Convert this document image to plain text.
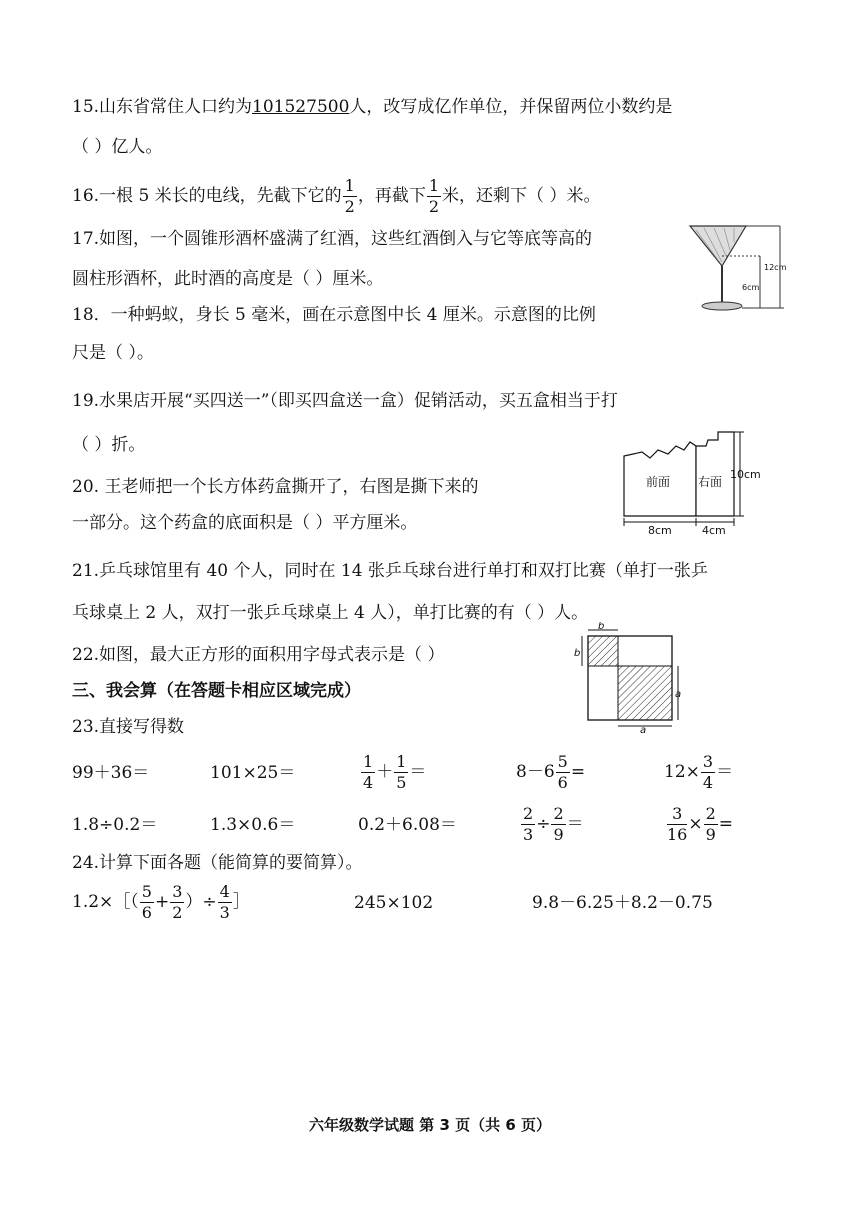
15.山东省常住人口约为101527500人，改写成亿作单位，并保留两位小数约是
（ ）亿人。
16.一根 5 米长的电线，先截下它的 $\frac{1}{2}$ ，再截下 $\frac{1}{2}$ 米，还剩下（ ）米。
17.如图，一个圆锥形酒杯盛满了红酒，这些红酒倒入与它等底等高的
圆柱形酒杯，此时酒的高度是（ ）厘米。
12cm
6cm
18．一种蚂蚁，身长 5 毫米，画在示意图中长 4 厘米。示意图的比例
尺是（ ）。
19.水果店开展“买四送一”（即买四盒送一盒）促销活动，买五盒相当于打
（ ）折。
20. 王老师把一个长方体药盒撕开了，右图是撕下来的
一部分。这个药盒的底面积是（ ）平方厘米。
前面 右面
10cm
8cm	4cm
21.乒乓球馆里有 40 个人，同时在 14 张乒乓球台进行单打和双打比赛（单打一张乒
乓球桌上 2 人，双打一张乒乓球桌上 4 人），单打比赛的有（ ）人。
22.如图，最大正方形的面积用字母式表示是（ ）
b
b
a
a
三、我会算（在答题卡相应区域完成）
23.直接写得数
99＋36＝	101×25＝	$\frac{1}{4} + \frac{1}{5}$ ＝	$8-6 \frac{5}{6}$ =	$12\times \frac{3}{4}$ ＝
1.8÷0.2＝	1.3×0.6＝	0.2＋6.08＝	$\frac{2}{3} \div \frac{2}{9}$ ＝	$\frac{3}{16} \times \frac{2}{9}$ =
24.计算下面各题（能简算的要简算）。
1.2×［（ $\frac{5}{6} + \frac{3}{2}$ ）÷ $\frac{4}{3}$ ］	245×102	9.8－6.25＋8.2－0.75
六年级数学试题 第 3 页（共 6 页）
